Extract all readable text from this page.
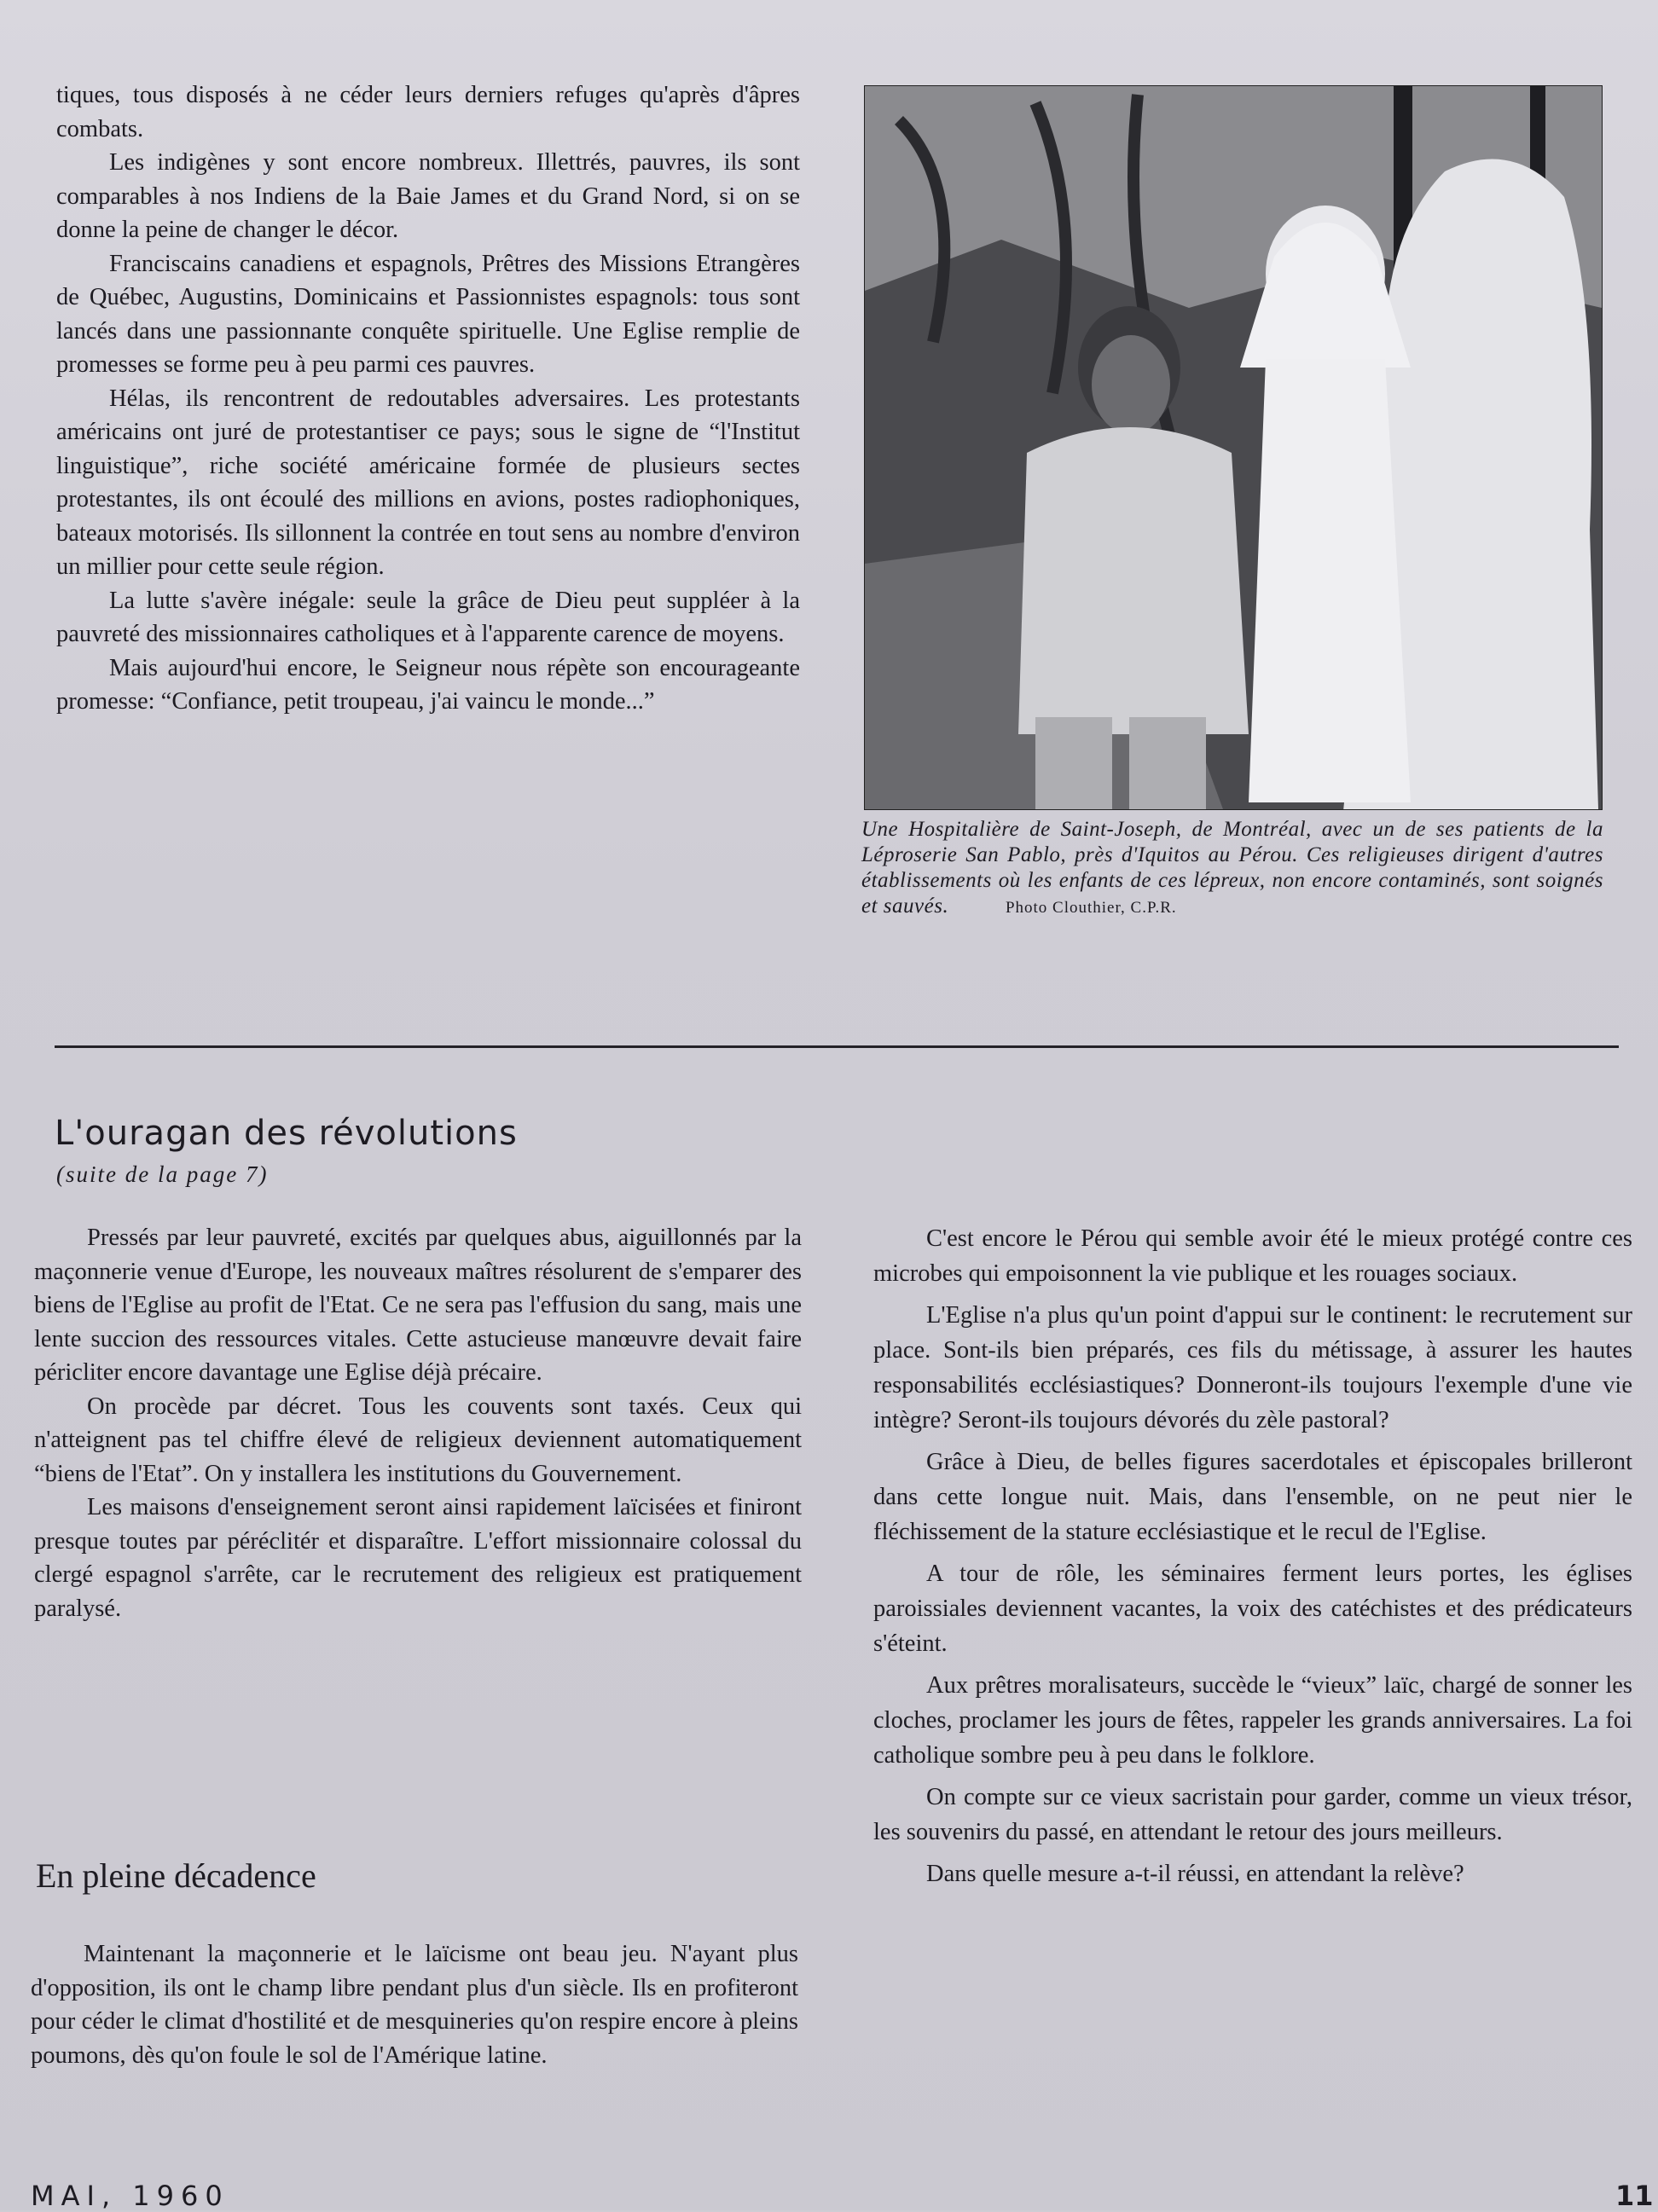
tiques, tous disposés à ne céder leurs derniers refuges qu'après d'âpres combats.

Les indigènes y sont encore nombreux. Illettrés, pauvres, ils sont comparables à nos Indiens de la Baie James et du Grand Nord, si on se donne la peine de changer le décor.

Franciscains canadiens et espagnols, Prêtres des Missions Etrangères de Québec, Augustins, Dominicains et Passionnistes espagnols: tous sont lancés dans une passionnante conquête spirituelle. Une Eglise remplie de promesses se forme peu à peu parmi ces pauvres.

Hélas, ils rencontrent de redoutables adversaires. Les protestants américains ont juré de protestantiser ce pays; sous le signe de “l'Institut linguistique”, riche société américaine formée de plusieurs sectes protestantes, ils ont écoulé des millions en avions, postes radiophoniques, bateaux motorisés. Ils sillonnent la contrée en tout sens au nombre d'environ un millier pour cette seule région.

La lutte s'avère inégale: seule la grâce de Dieu peut suppléer à la pauvreté des missionnaires catholiques et à l'apparente carence de moyens.

Mais aujourd'hui encore, le Seigneur nous répète son encourageante promesse: “Confiance, petit troupeau, j'ai vaincu le monde...”

Une Hospitalière de Saint-Joseph, de Montréal, avec un de ses patients de la Léproserie San Pablo, près d'Iquitos au Pérou. Ces religieuses dirigent d'autres établissements où les enfants de ces lépreux, non encore contaminés, sont soignés et sauvés.	Photo Clouthier, C.P.R.
L'ouragan des révolutions
(suite de la page 7)

Pressés par leur pauvreté, excités par quelques abus, aiguillonnés par la maçonnerie venue d'Europe, les nouveaux maîtres résolurent de s'emparer des biens de l'Eglise au profit de l'Etat. Ce ne sera pas l'effusion du sang, mais une lente succion des ressources vitales. Cette astucieuse manœuvre devait faire péricliter encore davantage une Eglise déjà précaire.

On procède par décret. Tous les couvents sont taxés. Ceux qui n'atteignent pas tel chiffre élevé de religieux deviennent automatiquement “biens de l'Etat”. On y installera les institutions du Gouvernement.

Les maisons d'enseignement seront ainsi rapidement laïcisées et finiront presque toutes par péréclitér et disparaître. L'effort missionnaire colossal du clergé espagnol s'arrête, car le recrutement des religieux est pratiquement paralysé.

En pleine décadence

Maintenant la maçonnerie et le laïcisme ont beau jeu. N'ayant plus d'opposition, ils ont le champ libre pendant plus d'un siècle. Ils en profiteront pour céder le climat d'hostilité et de mesquineries qu'on respire encore à pleins poumons, dès qu'on foule le sol de l'Amérique latine.

C'est encore le Pérou qui semble avoir été le mieux protégé contre ces microbes qui empoisonnent la vie publique et les rouages sociaux.

L'Eglise n'a plus qu'un point d'appui sur le continent: le recrutement sur place. Sont-ils bien préparés, ces fils du métissage, à assurer les hautes responsabilités ecclésiastiques? Donneront-ils toujours l'exemple d'une vie intègre? Seront-ils toujours dévorés du zèle pastoral?

Grâce à Dieu, de belles figures sacerdotales et épiscopales brilleront dans cette longue nuit. Mais, dans l'ensemble, on ne peut nier le fléchissement de la stature ecclésiastique et le recul de l'Eglise.

A tour de rôle, les séminaires ferment leurs portes, les églises paroissiales deviennent vacantes, la voix des catéchistes et des prédicateurs s'éteint.

Aux prêtres moralisateurs, succède le “vieux” laïc, chargé de sonner les cloches, proclamer les jours de fêtes, rappeler les grands anniversaires. La foi catholique sombre peu à peu dans le folklore.

On compte sur ce vieux sacristain pour garder, comme un vieux trésor, les souvenirs du passé, en attendant le retour des jours meilleurs.

Dans quelle mesure a-t-il réussi, en attendant la relève?

MAI, 1960	11
